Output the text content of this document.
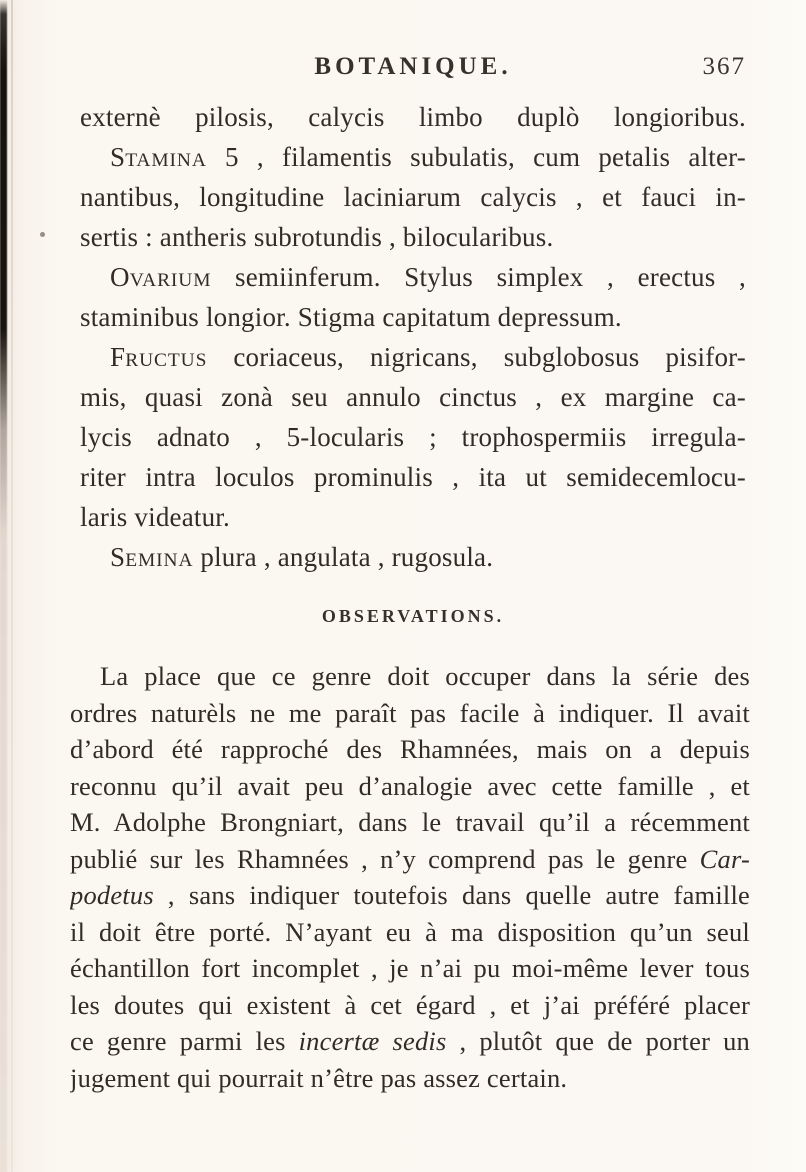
BOTANIQUE.	367
externè pilosis, calycis limbo duplò longioribus.
STAMINA 5 , filamentis subulatis, cum petalis alter-
nantibus, longitudine laciniarum calycis , et fauci in-
sertis : antheris subrotundis , bilocularibus.
OVARIUM semiinferum. Stylus simplex , erectus ,
staminibus longior. Stigma capitatum depressum.
FRUCTUS coriaceus, nigricans, subglobosus pisifor-
mis, quasi zonà seu annulo cinctus , ex margine ca-
lycis adnato , 5-locularis ; trophospermiis irregula-
riter intra loculos prominulis , ita ut semidecemlocu-
laris videatur.
SEMINA plura , angulata , rugosula.
OBSERVATIONS.
La place que ce genre doit occuper dans la série des
ordres naturèls ne me paraît pas facile à indiquer. Il avait
d’abord été rapproché des Rhamnées, mais on a depuis
reconnu qu’il avait peu d’analogie avec cette famille , et
M. Adolphe Brongniart, dans le travail qu’il a récemment
publié sur les Rhamnées , n’y comprend pas le genre Car-
podetus , sans indiquer toutefois dans quelle autre famille
il doit être porté. N’ayant eu à ma disposition qu’un seul
échantillon fort incomplet , je n’ai pu moi-même lever tous
les doutes qui existent à cet égard , et j’ai préféré placer
ce genre parmi les incertæ sedis , plutôt que de porter un
jugement qui pourrait n’être pas assez certain.
